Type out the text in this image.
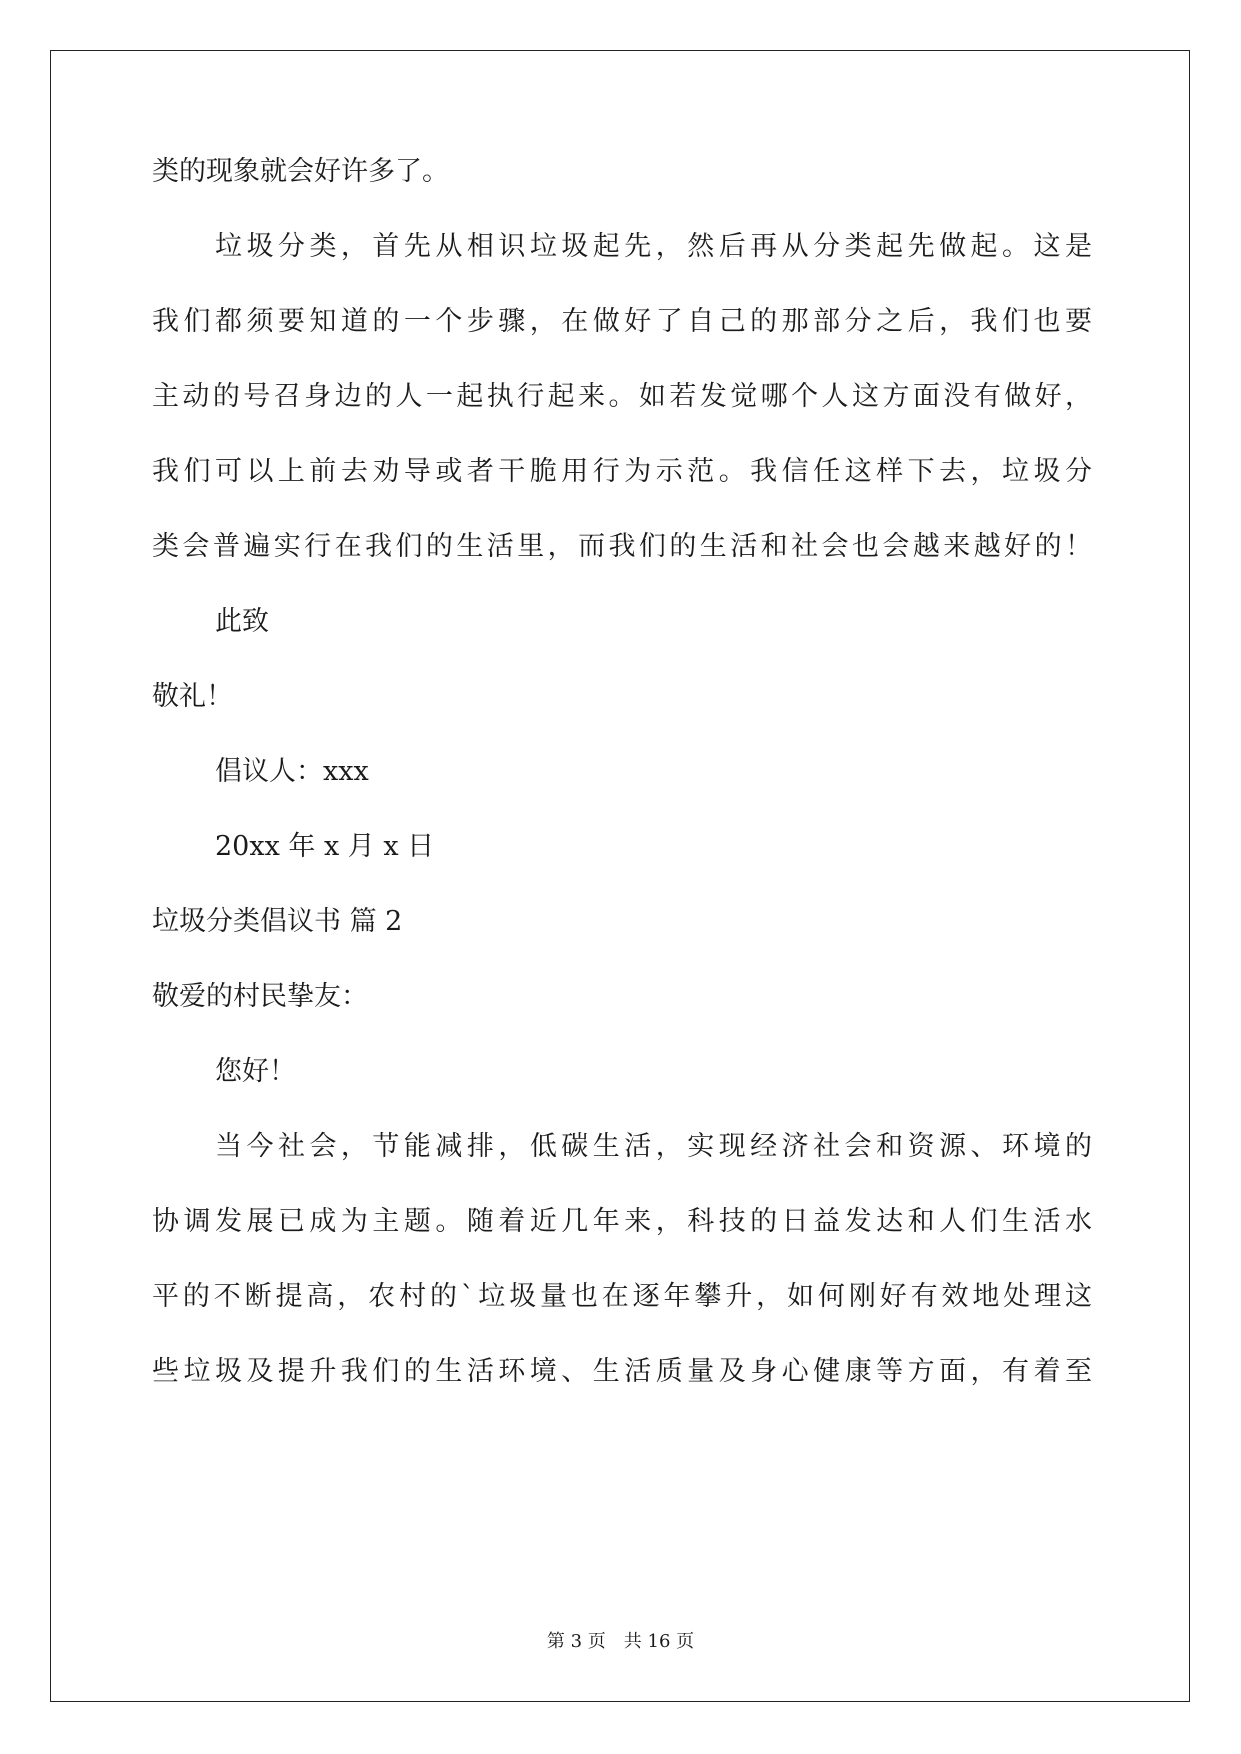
类的现象就会好许多了。
垃圾分类，首先从相识垃圾起先，然后再从分类起先做起。这是
我们都须要知道的一个步骤，在做好了自己的那部分之后，我们也要
主动的号召身边的人一起执行起来。如若发觉哪个人这方面没有做好，
我们可以上前去劝导或者干脆用行为示范。我信任这样下去，垃圾分
类会普遍实行在我们的生活里，而我们的生活和社会也会越来越好的！
此致
敬礼！
倡议人：xxx
20xx 年 x 月 x 日
垃圾分类倡议书 篇 2
敬爱的村民挚友：
您好！
当今社会，节能减排，低碳生活，实现经济社会和资源、环境的
协调发展已成为主题。随着近几年来，科技的日益发达和人们生活水
平的不断提高，农村的`垃圾量也在逐年攀升，如何刚好有效地处理这
些垃圾及提升我们的生活环境、生活质量及身心健康等方面，有着至
第 3 页　共 16 页
